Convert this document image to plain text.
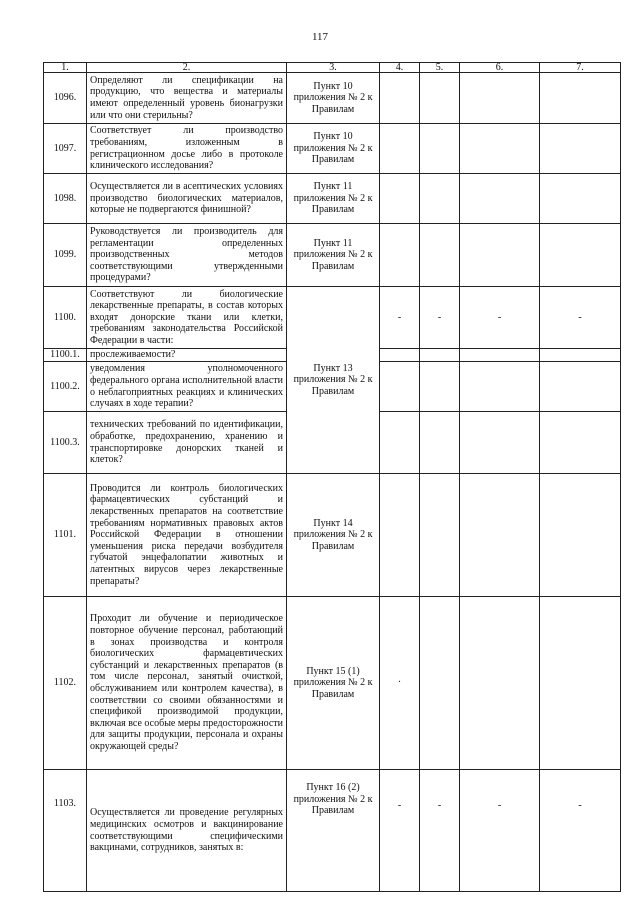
117
1.	2.	3.	4.	5.	6.	7.
1096.	Определяют ли спецификации на продукцию, что вещества и материалы имеют определенный уровень бионагрузки или что они стерильны?	Пункт 10 приложения № 2 к Правилам				
1097.	Соответствует ли производство требованиям, изложенным в регистрационном досье либо в протоколе клинического исследования?	Пункт 10 приложения № 2 к Правилам				
1098.	Осуществляется ли в асептических условиях производство биологических материалов, которые не подвергаются финишной?	Пункт 11 приложения № 2 к Правилам				
1099.	Руководствуется ли производитель для регламентации определенных производственных методов соответствующими утвержденными процедурами?	Пункт 11 приложения № 2 к Правилам				
1100.	Соответствуют ли биологические лекарственные препараты, в состав которых входят донорские ткани или клетки, требованиям законодательства Российской Федерации в части:	Пункт 13 приложения № 2 к Правилам	-	-	-	-
1100.1.	прослеживаемости?					
1100.2.	уведомления уполномоченного федерального органа исполнительной власти о неблагоприятных реакциях и клинических случаях в ходе терапии?					
1100.3.	технических требований по идентификации, обработке, предохранению, хранению и транспортировке донорских тканей и клеток?					
1101.	Проводится ли контроль биологических фармацевтических субстанций и лекарственных препаратов на соответствие требованиям нормативных правовых актов Российской Федерации в отношении уменьшения риска передачи возбудителя губчатой энцефалопатии животных и латентных вирусов через лекарственные препараты?	Пункт 14 приложения № 2 к Правилам				
1102.	Проходит ли обучение и периодическое повторное обучение персонал, работающий в зонах производства и контроля биологических фармацевтических субстанций и лекарственных препаратов (в том числе персонал, занятый очисткой, обслуживанием или контролем качества), в соответствии со своими обязанностями и спецификой производимой продукции, включая все особые меры предосторожности для защиты продукции, персонала и охраны окружающей среды?	Пункт 15 (1) приложения № 2 к Правилам	·			
1103.	Осуществляется ли проведение регулярных медицинских осмотров и вакцинирование соответствующими специфическими вакцинами, сотрудников, занятых в:	Пункт 16 (2) приложения № 2 к Правилам	-	-	-	-
